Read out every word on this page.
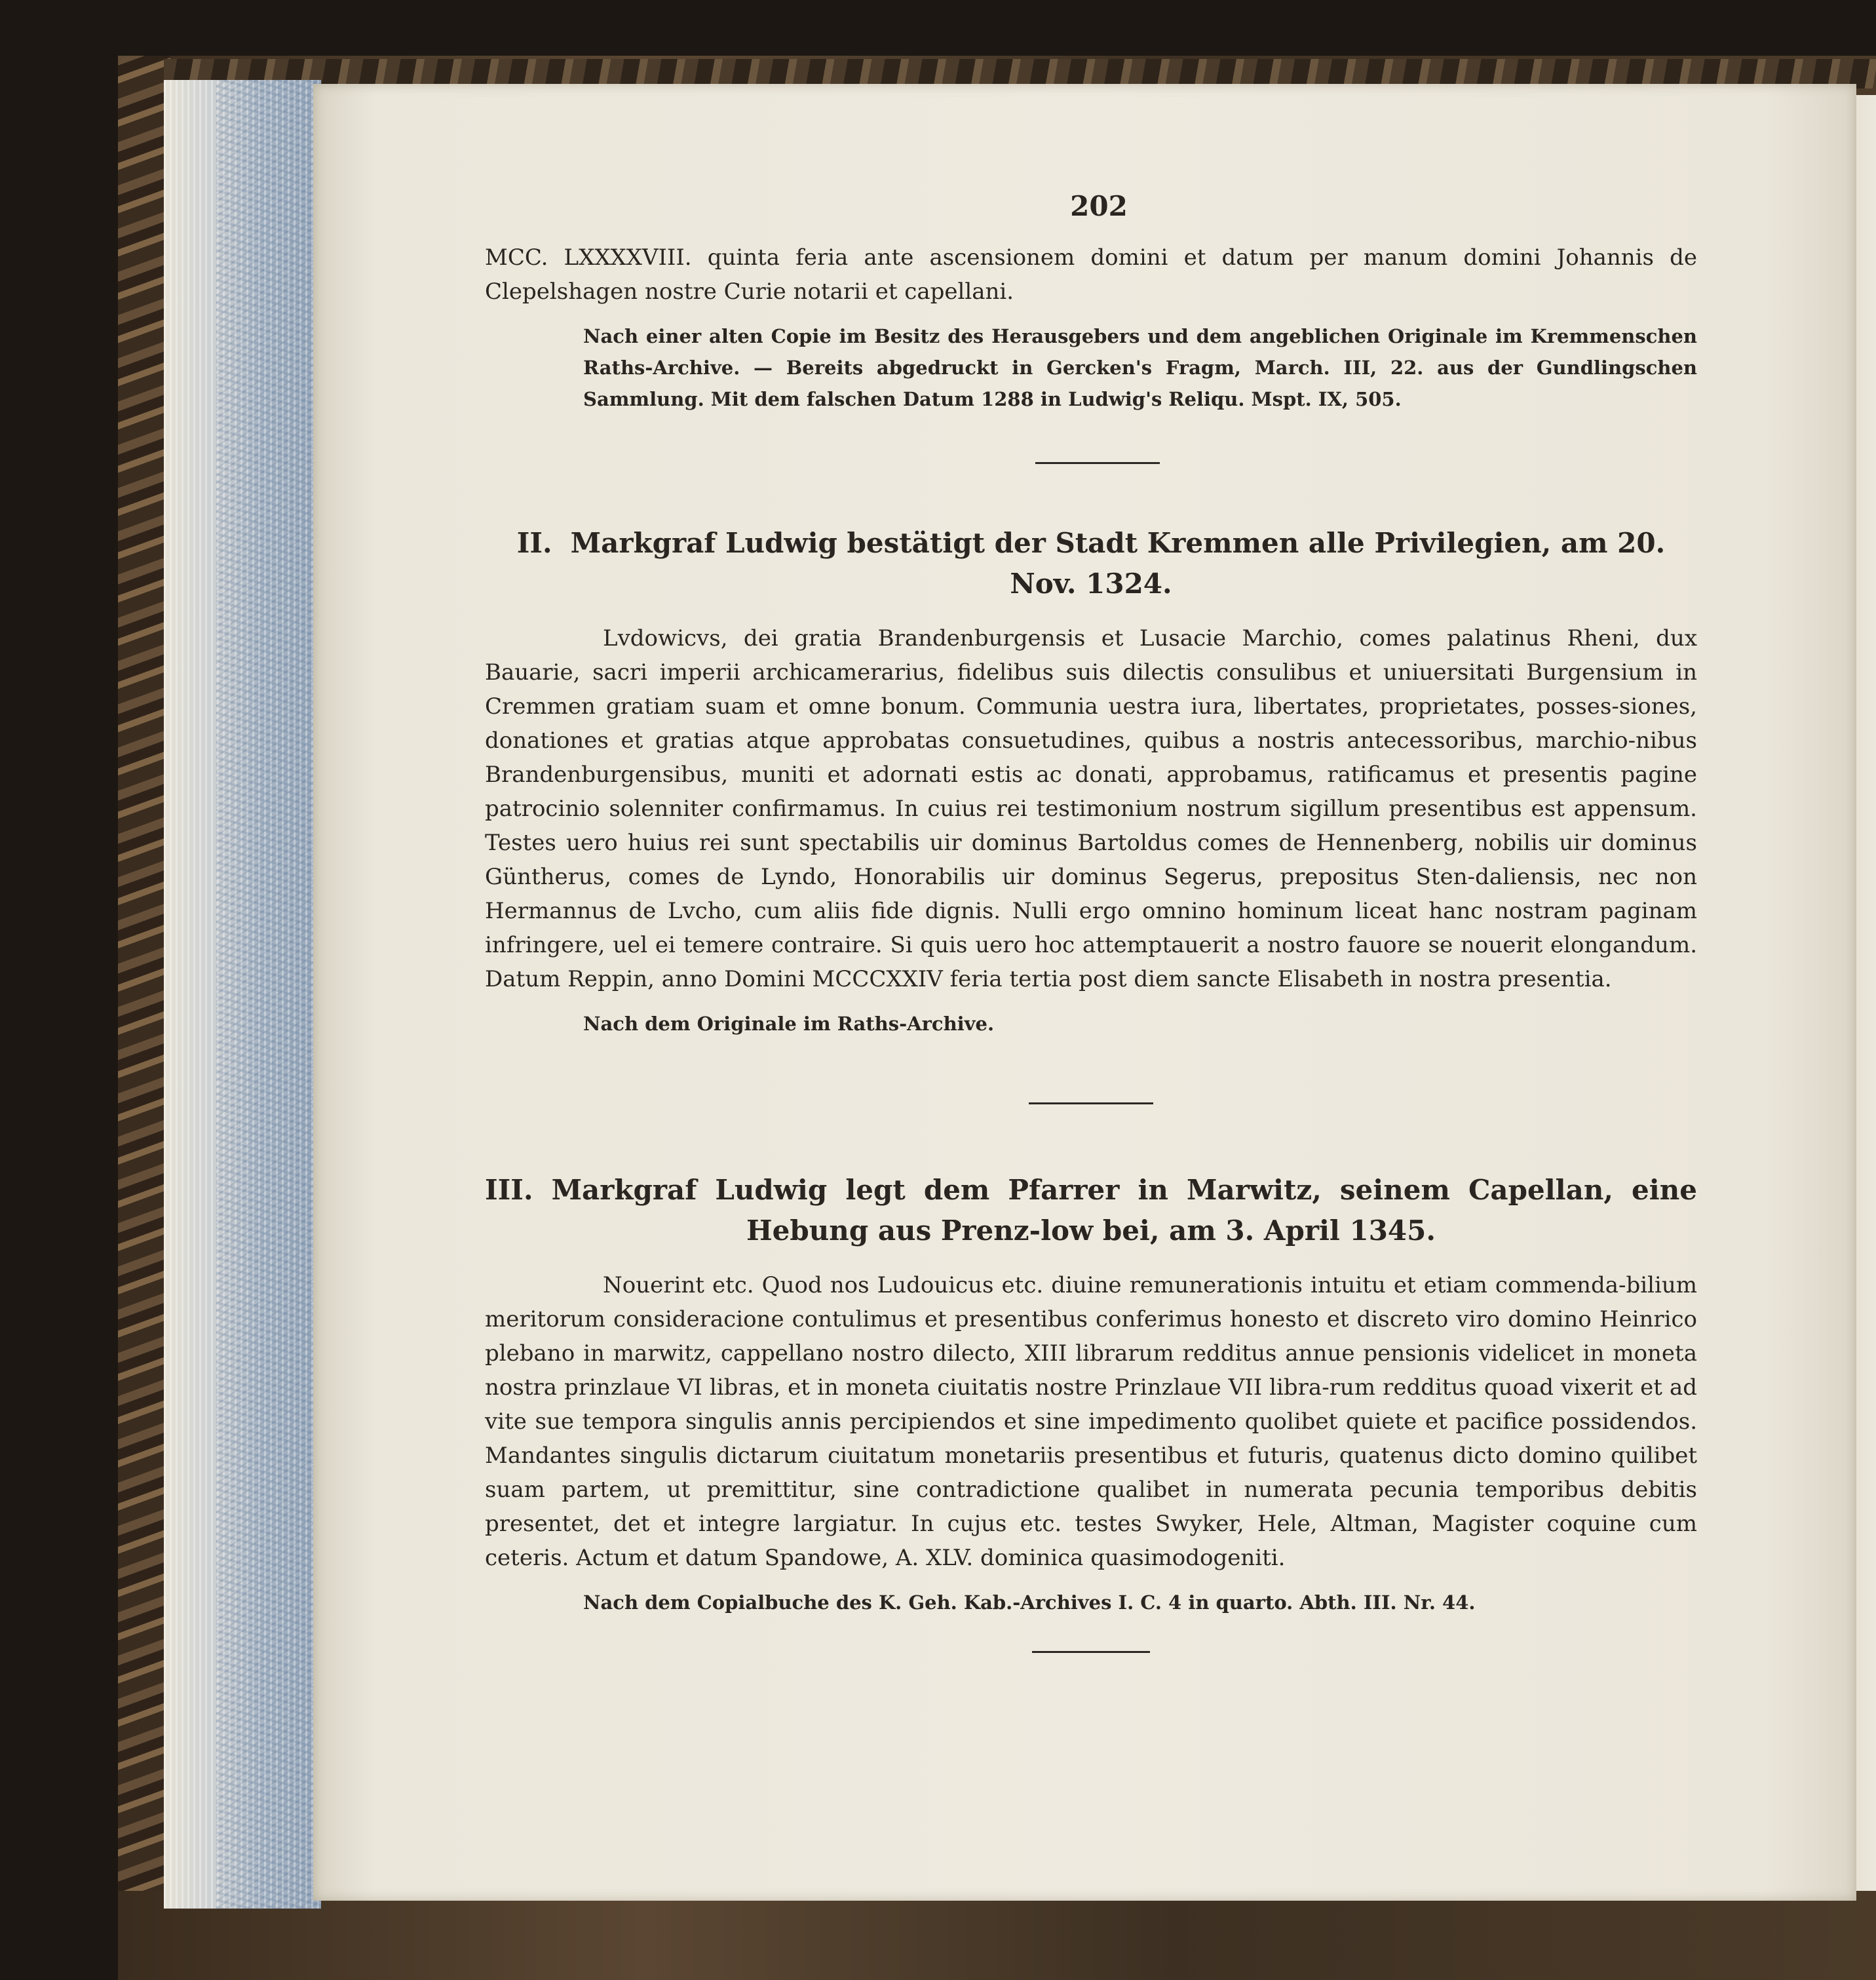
202

MCC. LXXXXVIII. quinta feria ante ascensionem domini et datum per manum domini Johannis de Clepelshagen nostre Curie notarii et capellani.

Nach einer alten Copie im Besitz des Herausgebers und dem angeblichen Originale im Kremmenschen Raths-Archive. — Bereits abgedruckt in Gercken's Fragm, March. III, 22. aus der Gundlingschen Sammlung. Mit dem falschen Datum 1288 in Ludwig's Reliqu. Mspt. IX, 505.

II. Markgraf Ludwig bestätigt der Stadt Kremmen alle Privilegien, am 20. Nov. 1324.

Lvdowicvs, dei gratia Brandenburgensis et Lusacie Marchio, comes palatinus Rheni, dux Bauarie, sacri imperii archicamerarius, fidelibus suis dilectis consulibus et uniuersitati Burgensium in Cremmen gratiam suam et omne bonum. Communia uestra iura, libertates, proprietates, posses-siones, donationes et gratias atque approbatas consuetudines, quibus a nostris antecessoribus, marchio-nibus Brandenburgensibus, muniti et adornati estis ac donati, approbamus, ratificamus et presentis pagine patrocinio solenniter confirmamus. In cuius rei testimonium nostrum sigillum presentibus est appensum. Testes uero huius rei sunt spectabilis uir dominus Bartoldus comes de Hennenberg, nobilis uir dominus Güntherus, comes de Lyndo, Honorabilis uir dominus Segerus, prepositus Sten-daliensis, nec non Hermannus de Lvcho, cum aliis fide dignis. Nulli ergo omnino hominum liceat hanc nostram paginam infringere, uel ei temere contraire. Si quis uero hoc attemptauerit a nostro fauore se nouerit elongandum. Datum Reppin, anno Domini MCCCXXIV feria tertia post diem sancte Elisabeth in nostra presentia.

Nach dem Originale im Raths-Archive.

III. Markgraf Ludwig legt dem Pfarrer in Marwitz, seinem Capellan, eine Hebung aus Prenz-low bei, am 3. April 1345.

Nouerint etc. Quod nos Ludouicus etc. diuine remunerationis intuitu et etiam commenda-bilium meritorum consideracione contulimus et presentibus conferimus honesto et discreto viro domino Heinrico plebano in marwitz, cappellano nostro dilecto, XIII librarum redditus annue pensionis videlicet in moneta nostra prinzlaue VI libras, et in moneta ciuitatis nostre Prinzlaue VII libra-rum redditus quoad vixerit et ad vite sue tempora singulis annis percipiendos et sine impedimento quolibet quiete et pacifice possidendos. Mandantes singulis dictarum ciuitatum monetariis presentibus et futuris, quatenus dicto domino quilibet suam partem, ut premittitur, sine contradictione qualibet in numerata pecunia temporibus debitis presentet, det et integre largiatur. In cujus etc. testes Swyker, Hele, Altman, Magister coquine cum ceteris. Actum et datum Spandowe, A. XLV. dominica quasimodogeniti.

Nach dem Copialbuche des K. Geh. Kab.-Archives I. C. 4 in quarto. Abth. III. Nr. 44.
